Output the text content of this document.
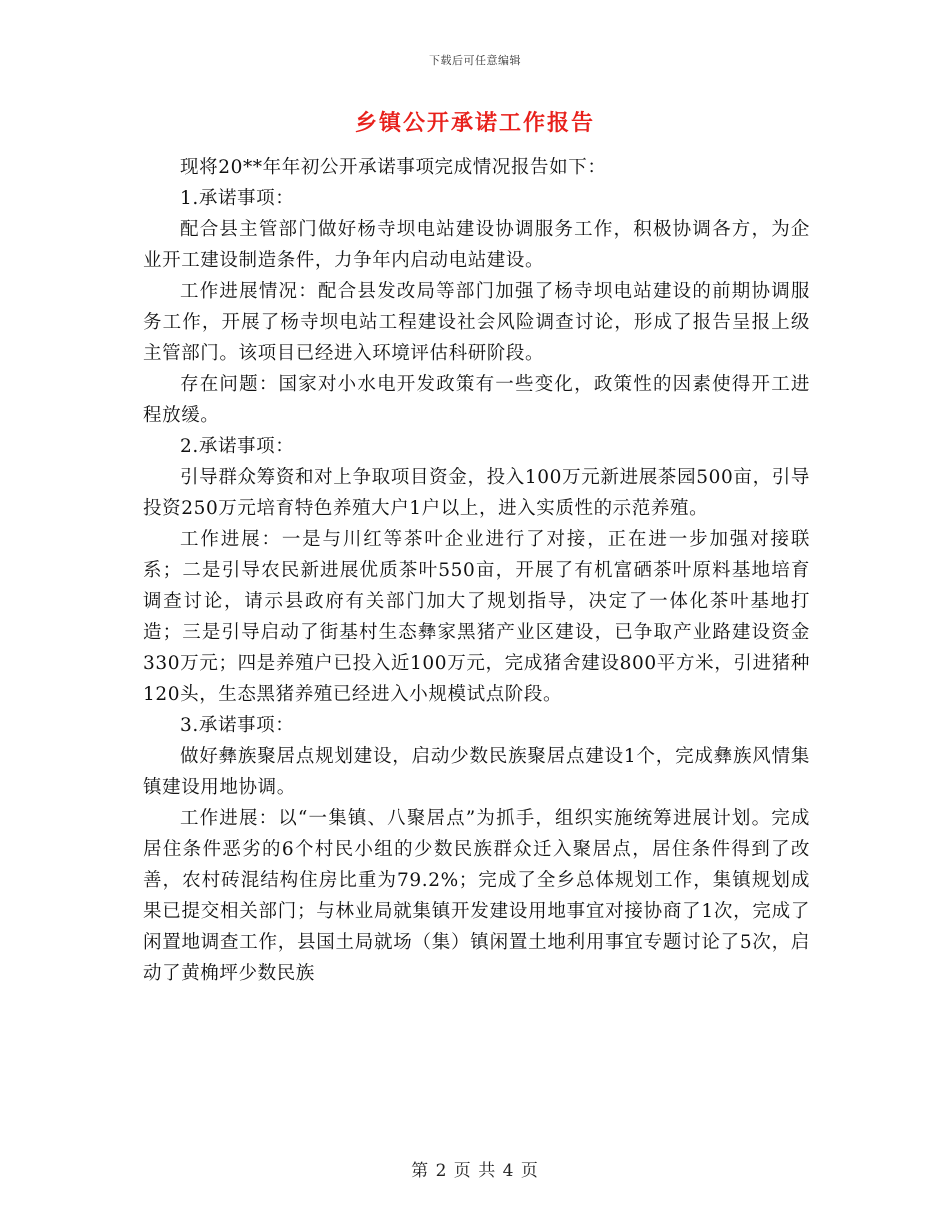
下载后可任意编辑
乡镇公开承诺工作报告

现将20**年年初公开承诺事项完成情况报告如下：

1.承诺事项：

配合县主管部门做好杨寺坝电站建设协调服务工作，积极协调各方，为企业开工建设制造条件，力争年内启动电站建设。

工作进展情况：配合县发改局等部门加强了杨寺坝电站建设的前期协调服务工作，开展了杨寺坝电站工程建设社会风险调查讨论，形成了报告呈报上级主管部门。该项目已经进入环境评估科研阶段。

存在问题：国家对小水电开发政策有一些变化，政策性的因素使得开工进程放缓。

2.承诺事项：

引导群众筹资和对上争取项目资金，投入100万元新进展茶园500亩，引导投资250万元培育特色养殖大户1户以上，进入实质性的示范养殖。

工作进展：一是与川红等茶叶企业进行了对接，正在进一步加强对接联系；二是引导农民新进展优质茶叶550亩，开展了有机富硒茶叶原料基地培育调查讨论，请示县政府有关部门加大了规划指导，决定了一体化茶叶基地打造；三是引导启动了街基村生态彝家黑猪产业区建设，已争取产业路建设资金330万元；四是养殖户已投入近100万元，完成猪舍建设800平方米，引进猪种120头，生态黑猪养殖已经进入小规模试点阶段。

3.承诺事项：

做好彝族聚居点规划建设，启动少数民族聚居点建设1个，完成彝族风情集镇建设用地协调。

工作进展：以“一集镇、八聚居点”为抓手，组织实施统筹进展计划。完成居住条件恶劣的6个村民小组的少数民族群众迁入聚居点，居住条件得到了改善，农村砖混结构住房比重为79.2%；完成了全乡总体规划工作，集镇规划成果已提交相关部门；与林业局就集镇开发建设用地事宜对接协商了1次，完成了闲置地调查工作，县国土局就场（集）镇闲置土地利用事宜专题讨论了5次，启动了黄桷坪少数民族

第 2 页 共 4 页
